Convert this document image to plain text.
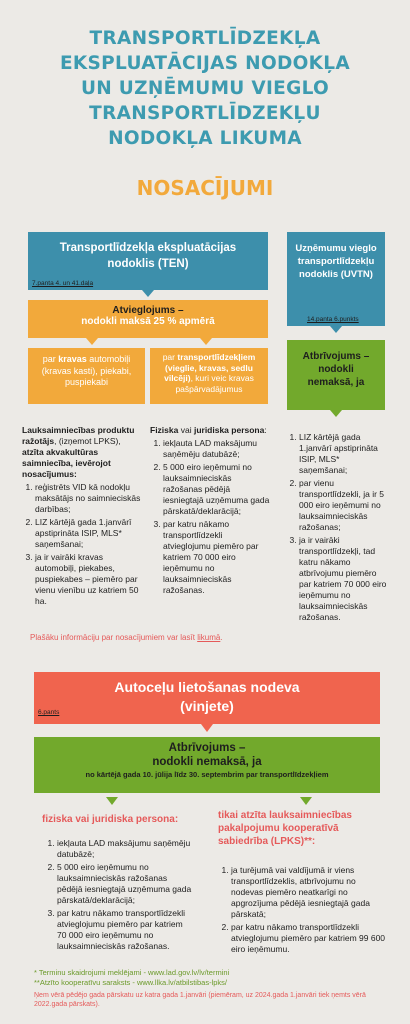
TRANSPORTLĪDZEKĻA
EKSPLUATĀCIJAS NODOKĻA
UN UZŅĒMUMU VIEGLO
TRANSPORTLĪDZEKĻU
NODOKĻA LIKUMA
NOSACĪJUMI
Transportlīdzekļa ekspluatācijas nodoklis (TEN)
7.panta 4. un 41.daļa
Uzņēmumu vieglo transportlīdzekļu nodoklis (UVTN)
14.panta 6.punkts
Atvieglojums –
nodokli maksā 25 % apmērā
par kravas automobiļi (kravas kasti), piekabi, puspiekabi
par transportlīdzekļiem (vieglie, kravas, sedlu vilcēji), kuri veic kravas pašpārvadājumus
Atbrīvojums –
nodokli
nemaksā, ja
Lauksaimniecības produktu ražotājs, (izņemot LPKS), atzīta akvakultūras saimniecība, ievērojot nosacījumus:
1. reģistrēts VID kā nodokļu maksātājs no saimnieciskās darbības;
2. LIZ kārtējā gada 1.janvārī apstiprināta ISIP, MLS* saņemšanai;
3. ja ir vairāki kravas automobiļi, piekabes, puspiekabes – piemēro par vienu vienību uz katriem 50 ha.
Fiziska vai juridiska persona:
1. iekļauta LAD maksājumu saņēmēju datubāzē;
2. 5 000 eiro ieņēmumi no lauksaimnieciskās ražošanas pēdējā iesniegtajā uzņēmuma gada pārskatā/deklarācijā;
3. par katru nākamo transportlīdzekli atvieglojumu piemēro par katriem 70 000 eiro ieņēmumu no lauksaimnieciskās ražošanas.
1. LIZ kārtējā gada 1.janvārī apstiprināta ISIP, MLS* saņemšanai;
2. par vienu transportlīdzekli, ja ir 5 000 eiro ieņēmumi no lauksaimnieciskās ražošanas;
3. ja ir vairāki transportlīdzekļi, tad katru nākamo atbrīvojumu piemēro par katriem 70 000 eiro ieņēmumu no lauksaimnieciskās ražošanas.
Plašāku informāciju par nosacījumiem var lasīt likumā.
Autoceļu lietošanas nodeva
(vinjete)
6.pants
Atbrīvojums –
nodokli nemaksā, ja
no kārtējā gada 10. jūlija līdz 30. septembrim par transportlīdzekļiem
fiziska vai juridiska persona:
1. iekļauta LAD maksājumu saņēmēju datubāzē;
2. 5 000 eiro ieņēmumu no lauksaimnieciskās ražošanas pēdējā iesniegtajā uzņēmuma gada pārskatā/deklarācijā;
3. par katru nākamo transportlīdzekli atvieglojumu piemēro par katriem 70 000 eiro ieņēmumu no lauksaimnieciskās ražošanas.
tikai atzīta lauksaimniecības pakalpojumu kooperatīvā sabiedrība (LPKS)**:
1. ja turējumā vai valdījumā ir viens transportlīdzeklis, atbrīvojumu no nodevas piemēro neatkarīgi no apgrozījuma pēdējā iesniegtajā gada pārskatā;
2. par katru nākamo transportlīdzekli atvieglojumu piemēro par katriem 99 600 eiro ieņēmumu.
* Terminu skaidrojumi meklējami - www.lad.gov.lv/lv/termini
**Atzīto kooperatīvu saraksts - www.llka.lv/atbilstibas-lpks/
Ņem vērā pēdējo gada pārskatu uz katra gada 1.janvāri (piemēram, uz 2024.gada 1.janvāri tiek ņemts vērā 2022.gada pārskats).
